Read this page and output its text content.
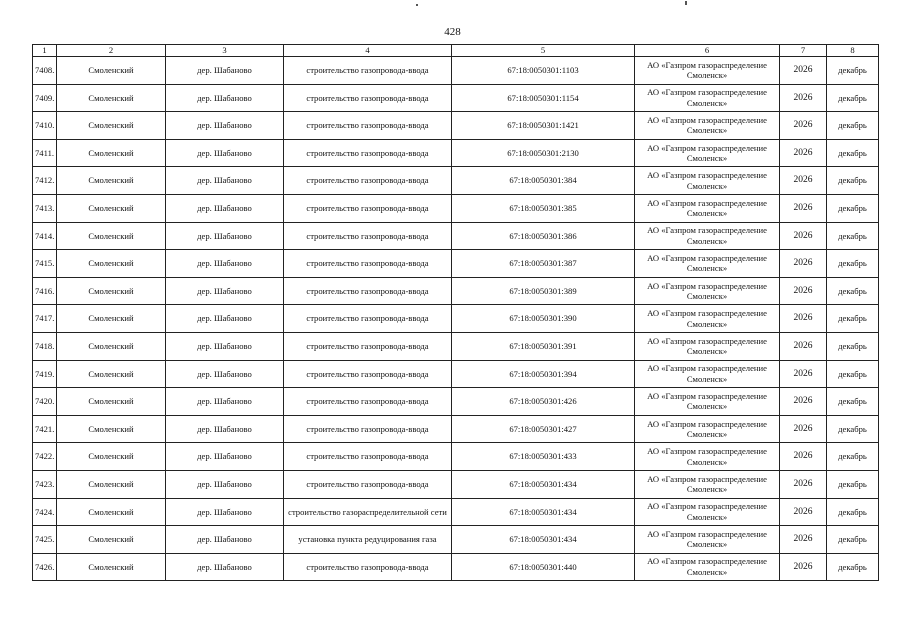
428
1	2	3	4	5	6	7	8
7408.	Смоленский	дер. Шабаново	строительство газопровода-ввода	67:18:0050301:1103	АО «Газпром газораспределение Смоленск»	2026	декабрь
7409.	Смоленский	дер. Шабаново	строительство газопровода-ввода	67:18:0050301:1154	АО «Газпром газораспределение Смоленск»	2026	декабрь
7410.	Смоленский	дер. Шабаново	строительство газопровода-ввода	67:18:0050301:1421	АО «Газпром газораспределение Смоленск»	2026	декабрь
7411.	Смоленский	дер. Шабаново	строительство газопровода-ввода	67:18:0050301:2130	АО «Газпром газораспределение Смоленск»	2026	декабрь
7412.	Смоленский	дер. Шабаново	строительство газопровода-ввода	67:18:0050301:384	АО «Газпром газораспределение Смоленск»	2026	декабрь
7413.	Смоленский	дер. Шабаново	строительство газопровода-ввода	67:18:0050301:385	АО «Газпром газораспределение Смоленск»	2026	декабрь
7414.	Смоленский	дер. Шабаново	строительство газопровода-ввода	67:18:0050301:386	АО «Газпром газораспределение Смоленск»	2026	декабрь
7415.	Смоленский	дер. Шабаново	строительство газопровода-ввода	67:18:0050301:387	АО «Газпром газораспределение Смоленск»	2026	декабрь
7416.	Смоленский	дер. Шабаново	строительство газопровода-ввода	67:18:0050301:389	АО «Газпром газораспределение Смоленск»	2026	декабрь
7417.	Смоленский	дер. Шабаново	строительство газопровода-ввода	67:18:0050301:390	АО «Газпром газораспределение Смоленск»	2026	декабрь
7418.	Смоленский	дер. Шабаново	строительство газопровода-ввода	67:18:0050301:391	АО «Газпром газораспределение Смоленск»	2026	декабрь
7419.	Смоленский	дер. Шабаново	строительство газопровода-ввода	67:18:0050301:394	АО «Газпром газораспределение Смоленск»	2026	декабрь
7420.	Смоленский	дер. Шабаново	строительство газопровода-ввода	67:18:0050301:426	АО «Газпром газораспределение Смоленск»	2026	декабрь
7421.	Смоленский	дер. Шабаново	строительство газопровода-ввода	67:18:0050301:427	АО «Газпром газораспределение Смоленск»	2026	декабрь
7422.	Смоленский	дер. Шабаново	строительство газопровода-ввода	67:18:0050301:433	АО «Газпром газораспределение Смоленск»	2026	декабрь
7423.	Смоленский	дер. Шабаново	строительство газопровода-ввода	67:18:0050301:434	АО «Газпром газораспределение Смоленск»	2026	декабрь
7424.	Смоленский	дер. Шабаново	строительство газораспределительной сети	67:18:0050301:434	АО «Газпром газораспределение Смоленск»	2026	декабрь
7425.	Смоленский	дер. Шабаново	установка пункта редуцирования газа	67:18:0050301:434	АО «Газпром газораспределение Смоленск»	2026	декабрь
7426.	Смоленский	дер. Шабаново	строительство газопровода-ввода	67:18:0050301:440	АО «Газпром газораспределение Смоленск»	2026	декабрь
